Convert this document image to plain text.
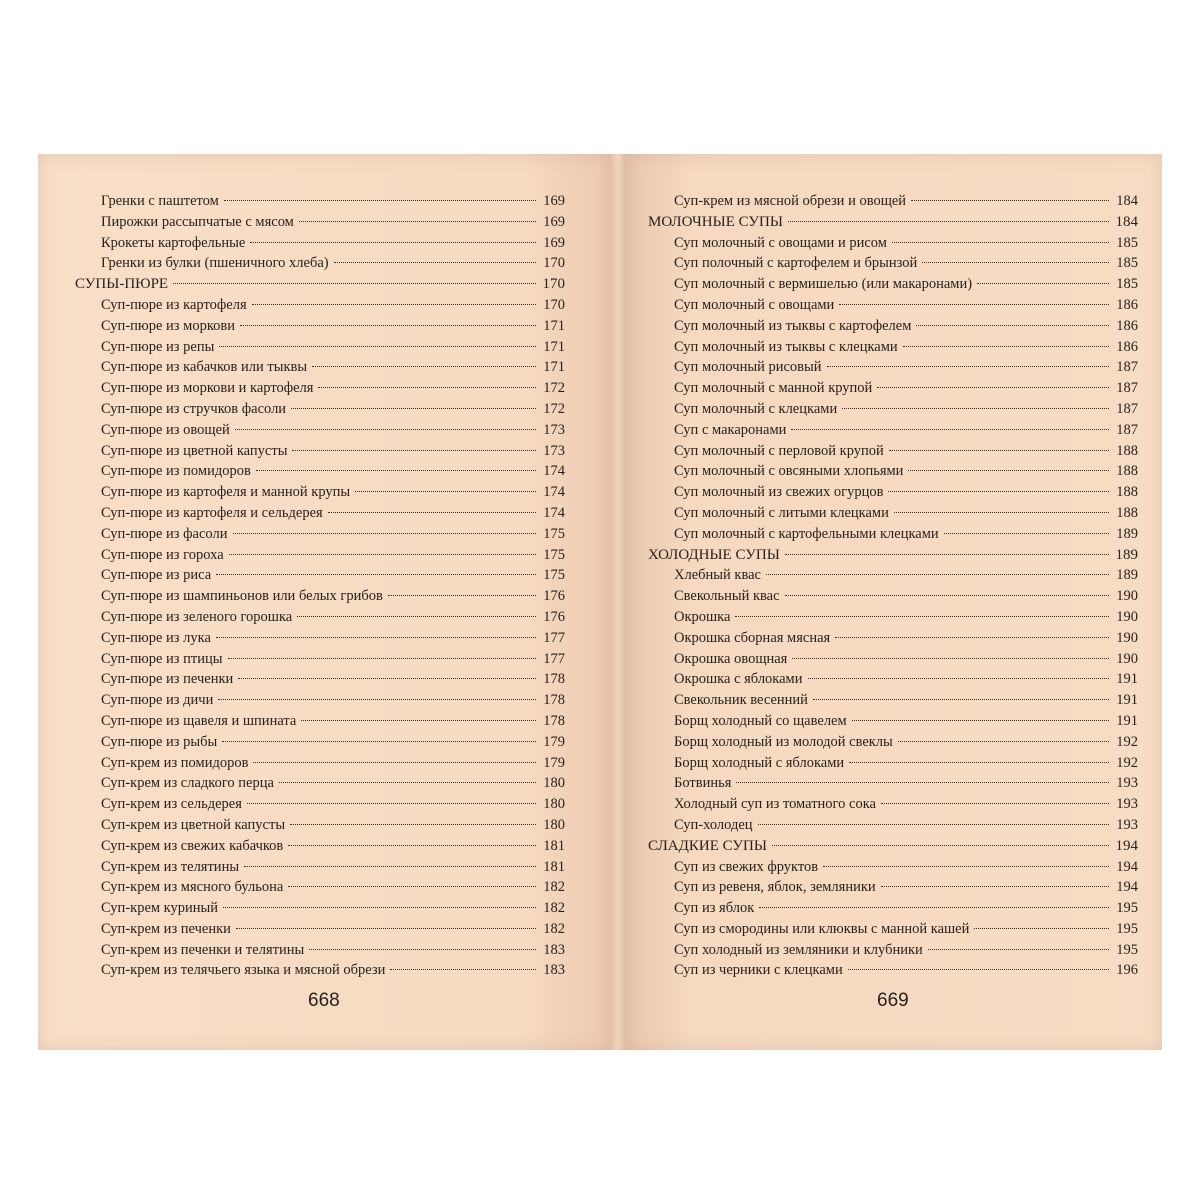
Гренки с паштетом	169
Пирожки рассыпчатые с мясом	169
Крокеты картофельные	169
Гренки из булки (пшеничного хлеба)	170
СУПЫ-ПЮРЕ	170
Суп-пюре из картофеля	170
Суп-пюре из моркови	171
Суп-пюре из репы	171
Суп-пюре из кабачков или тыквы	171
Суп-пюре из моркови и картофеля	172
Суп-пюре из стручков фасоли	172
Суп-пюре из овощей	173
Суп-пюре из цветной капусты	173
Суп-пюре из помидоров	174
Суп-пюре из картофеля и манной крупы	174
Суп-пюре из картофеля и сельдерея	174
Суп-пюре из фасоли	175
Суп-пюре из гороха	175
Суп-пюре из риса	175
Суп-пюре из шампиньонов или белых грибов	176
Суп-пюре из зеленого горошка	176
Суп-пюре из лука	177
Суп-пюре из птицы	177
Суп-пюре из печенки	178
Суп-пюре из дичи	178
Суп-пюре из щавеля и шпината	178
Суп-пюре из рыбы	179
Суп-крем из помидоров	179
Суп-крем из сладкого перца	180
Суп-крем из сельдерея	180
Суп-крем из цветной капусты	180
Суп-крем из свежих кабачков	181
Суп-крем из телятины	181
Суп-крем из мясного бульона	182
Суп-крем куриный	182
Суп-крем из печенки	182
Суп-крем из печенки и телятины	183
Суп-крем из телячьего языка и мясной обрези	183
Суп-крем из мясной обрези и овощей	184
МОЛОЧНЫЕ СУПЫ	184
Суп молочный с овощами и рисом	185
Суп полочный с картофелем и брынзой	185
Суп молочный с вермишелью (или макаронами)	185
Суп молочный с овощами	186
Суп молочный из тыквы с картофелем	186
Суп молочный из тыквы с клецками	186
Суп молочный рисовый	187
Суп молочный с манной крупой	187
Суп молочный с клецками	187
Суп с макаронами	187
Суп молочный с перловой крупой	188
Суп молочный с овсяными хлопьями	188
Суп молочный из свежих огурцов	188
Суп молочный с литыми клецками	188
Суп молочный с картофельными клецками	189
ХОЛОДНЫЕ СУПЫ	189
Хлебный квас	189
Свекольный квас	190
Окрошка	190
Окрошка сборная мясная	190
Окрошка овощная	190
Окрошка с яблоками	191
Свекольник весенний	191
Борщ холодный со щавелем	191
Борщ холодный из молодой свеклы	192
Борщ холодный с яблоками	192
Ботвинья	193
Холодный суп из томатного сока	193
Суп-холодец	193
СЛАДКИЕ СУПЫ	194
Суп из свежих фруктов	194
Суп из ревеня, яблок, земляники	194
Суп из яблок	195
Суп из смородины или клюквы с манной кашей	195
Суп холодный из земляники и клубники	195
Суп из черники с клецками	196
668	669
